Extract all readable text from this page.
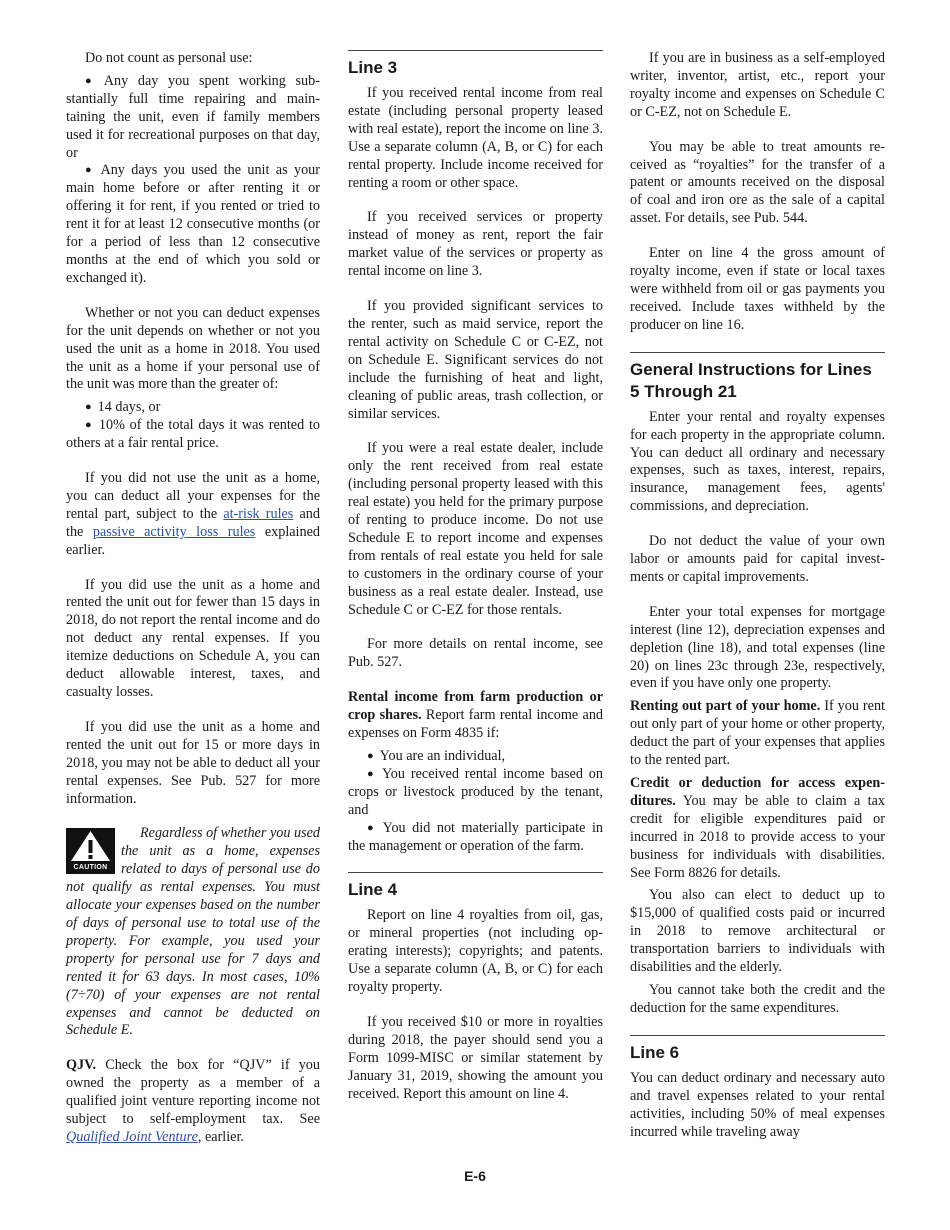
Do not count as personal use:

● Any day you spent working substantially full time repairing and maintaining the unit, even if family members used it for recreational purposes on that day, or
● Any days you used the unit as your main home before or after renting it or offering it for rent, if you rented or tried to rent it for at least 12 consecutive months (or for a period of less than 12 consecutive months at the end of which you sold or exchanged it).

Whether or not you can deduct expenses for the unit depends on whether or not you used the unit as a home in 2018. You used the unit as a home if your personal use of the unit was more than the greater of:

● 14 days, or
● 10% of the total days it was rented to others at a fair rental price.

If you did not use the unit as a home, you can deduct all your expenses for the rental part, subject to the at-risk rules and the passive activity loss rules explained earlier.

If you did use the unit as a home and rented the unit out for fewer than 15 days in 2018, do not report the rental income and do not deduct any rental expenses. If you itemize deductions on Schedule A, you can deduct allowable interest, taxes, and casualty losses.

If you did use the unit as a home and rented the unit out for 15 or more days in 2018, you may not be able to deduct all your rental expenses. See Pub. 527 for more information.

CAUTION

Regardless of whether you used the unit as a home, expenses related to days of personal use do not qualify as rental expenses. You must allocate your expenses based on the number of days of personal use to total use of the property. For example, you used your property for personal use for 7 days and rented it for 63 days. In most cases, 10% (7÷70) of your expenses are not rental expenses and cannot be deducted on Schedule E.

QJV. Check the box for “QJV” if you owned the property as a member of a qualified joint venture reporting income not subject to self-employment tax. See Qualified Joint Venture, earlier.

Line 3

If you received rental income from real estate (including personal property leased with real estate), report the income on line 3. Use a separate column (A, B, or C) for each rental property. Include income received for renting a room or other space.

If you received services or property instead of money as rent, report the fair market value of the services or property as rental income on line 3.

If you provided significant services to the renter, such as maid service, report the rental activity on Schedule C or C-EZ, not on Schedule E. Significant services do not include the furnishing of heat and light, cleaning of public areas, trash collection, or similar services.

If you were a real estate dealer, include only the rent received from real estate (including personal property leased with this real estate) you held for the primary purpose of renting to produce income. Do not use Schedule E to report income and expenses from rentals of real estate you held for sale to customers in the ordinary course of your business as a real estate dealer. Instead, use Schedule C or C-EZ for those rentals.

For more details on rental income, see Pub. 527.

Rental income from farm production or crop shares. Report farm rental income and expenses on Form 4835 if:

● You are an individual,
● You received rental income based on crops or livestock produced by the tenant, and
● You did not materially participate in the management or operation of the farm.
Line 4

Report on line 4 royalties from oil, gas, or mineral properties (not including operating interests); copyrights; and patents. Use a separate column (A, B, or C) for each royalty property.

If you received $10 or more in royalties during 2018, the payer should send you a Form 1099-MISC or similar statement by January 31, 2019, showing the amount you received. Report this amount on line 4.

If you are in business as a self-employed writer, inventor, artist, etc., report your royalty income and expenses on Schedule C or C-EZ, not on Schedule E.

You may be able to treat amounts received as “royalties” for the transfer of a patent or amounts received on the disposal of coal and iron ore as the sale of a capital asset. For details, see Pub. 544.

Enter on line 4 the gross amount of royalty income, even if state or local taxes were withheld from oil or gas payments you received. Include taxes withheld by the producer on line 16.

General Instructions for Lines 5 Through 21

Enter your rental and royalty expenses for each property in the appropriate column. You can deduct all ordinary and necessary expenses, such as taxes, interest, repairs, insurance, management fees, agents' commissions, and depreciation.

Do not deduct the value of your own labor or amounts paid for capital investments or capital improvements.

Enter your total expenses for mortgage interest (line 12), depreciation expenses and depletion (line 18), and total expenses (line 20) on lines 23c through 23e, respectively, even if you have only one property.

Renting out part of your home. If you rent out only part of your home or other property, deduct the part of your expenses that applies to the rented part.

Credit or deduction for access expenditures. You may be able to claim a tax credit for eligible expenditures paid or incurred in 2018 to provide access to your business for individuals with disabilities. See Form 8826 for details.

You also can elect to deduct up to $15,000 of qualified costs paid or incurred in 2018 to remove architectural or transportation barriers to individuals with disabilities and the elderly.

You cannot take both the credit and the deduction for the same expenditures.

Line 6

You can deduct ordinary and necessary auto and travel expenses related to your rental activities, including 50% of meal expenses incurred while traveling away

E-6
